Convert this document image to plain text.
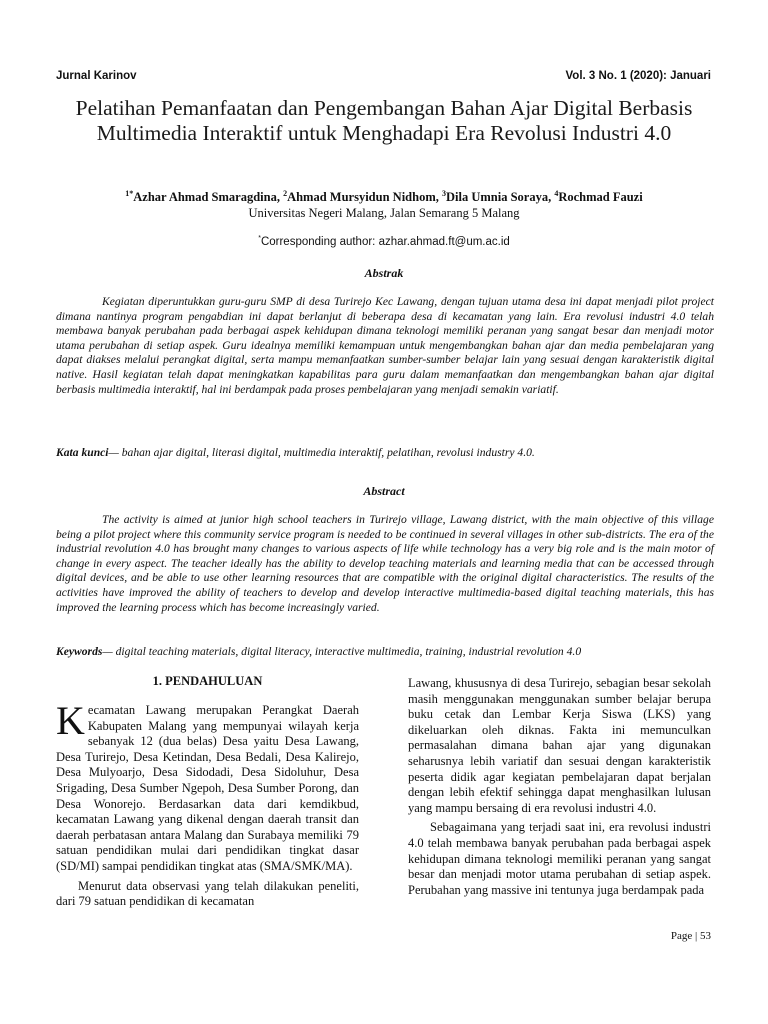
Jurnal Karinov	Vol. 3 No. 1 (2020): Januari
Pelatihan Pemanfaatan dan Pengembangan Bahan Ajar Digital Berbasis Multimedia Interaktif untuk Menghadapi Era Revolusi Industri 4.0
$^{1*}$Azhar Ahmad Smaragdina, $^2$Ahmad Mursyidun Nidhom, $^3$Dila Umnia Soraya, $^4$Rochmad Fauzi
Universitas Negeri Malang, Jalan Semarang 5 Malang
*Corresponding author: azhar.ahmad.ft@um.ac.id
Abstrak
Kegiatan diperuntukkan guru-guru SMP di desa Turirejo Kec Lawang, dengan tujuan utama desa ini dapat menjadi pilot project dimana nantinya program pengabdian ini dapat berlanjut di beberapa desa di kecamatan yang lain. Era revolusi industri 4.0 telah membawa banyak perubahan pada berbagai aspek kehidupan dimana teknologi memiliki peranan yang sangat besar dan menjadi motor utama perubahan di setiap aspek. Guru idealnya memiliki kemampuan untuk mengembangkan bahan ajar dan media pembelajaran yang dapat diakses melalui perangkat digital, serta mampu memanfaatkan sumber-sumber belajar lain yang sesuai dengan karakteristik digital native. Hasil kegiatan telah dapat meningkatkan kapabilitas para guru dalam memanfaatkan dan mengembangkan bahan ajar digital berbasis multimedia interaktif, hal ini berdampak pada proses pembelajaran yang menjadi semakin variatif.
Kata kunci— bahan ajar digital, literasi digital, multimedia interaktif, pelatihan, revolusi industry 4.0.
Abstract
The activity is aimed at junior high school teachers in Turirejo village, Lawang district, with the main objective of this village being a pilot project where this community service program is needed to be continued in several villages in other sub-districts. The era of the industrial revolution 4.0 has brought many changes to various aspects of life while technology has a very big role and is the main motor of change in every aspect. The teacher ideally has the ability to develop teaching materials and learning media that can be accessed through digital devices, and be able to use other learning resources that are compatible with the original digital characteristics. The results of the activities have improved the ability of teachers to develop and develop interactive multimedia-based digital teaching materials, this has improved the learning process which has become increasingly varied.
Keywords— digital teaching materials, digital literacy, interactive multimedia, training, industrial revolution 4.0
1. PENDAHULUAN

Kecamatan Lawang merupakan Perangkat Daerah Kabupaten Malang yang mempunyai wilayah kerja sebanyak 12 (dua belas) Desa yaitu Desa Lawang, Desa Turirejo, Desa Ketindan, Desa Bedali, Desa Kalirejo, Desa Mulyoarjo, Desa Sidodadi, Desa Sidoluhur, Desa Srigading, Desa Sumber Ngepoh, Desa Sumber Porong, dan Desa Wonorejo. Berdasarkan data dari kemdikbud, kecamatan Lawang yang dikenal dengan daerah transit dan daerah perbatasan antara Malang dan Surabaya memiliki 79 satuan pendidikan mulai dari pendidikan tingkat dasar (SD/MI) sampai pendidikan tingkat atas (SMA/SMK/MA).

Menurut data observasi yang telah dilakukan peneliti, dari 79 satuan pendidikan di kecamatan

Lawang, khususnya di desa Turirejo, sebagian besar sekolah masih menggunakan menggunakan sumber belajar berupa buku cetak dan Lembar Kerja Siswa (LKS) yang dikeluarkan oleh diknas. Fakta ini memunculkan permasalahan dimana bahan ajar yang digunakan seharusnya lebih variatif dan sesuai dengan karakteristik peserta didik agar kegiatan pembelajaran dapat berjalan dengan lebih efektif sehingga dapat menghasilkan lulusan yang mampu bersaing di era revolusi industri 4.0.

Sebagaimana yang terjadi saat ini, era revolusi industri 4.0 telah membawa banyak perubahan pada berbagai aspek kehidupan dimana teknologi memiliki peranan yang sangat besar dan menjadi motor utama perubahan di setiap aspek. Perubahan yang massive ini tentunya juga berdampak pada

Page | 53
